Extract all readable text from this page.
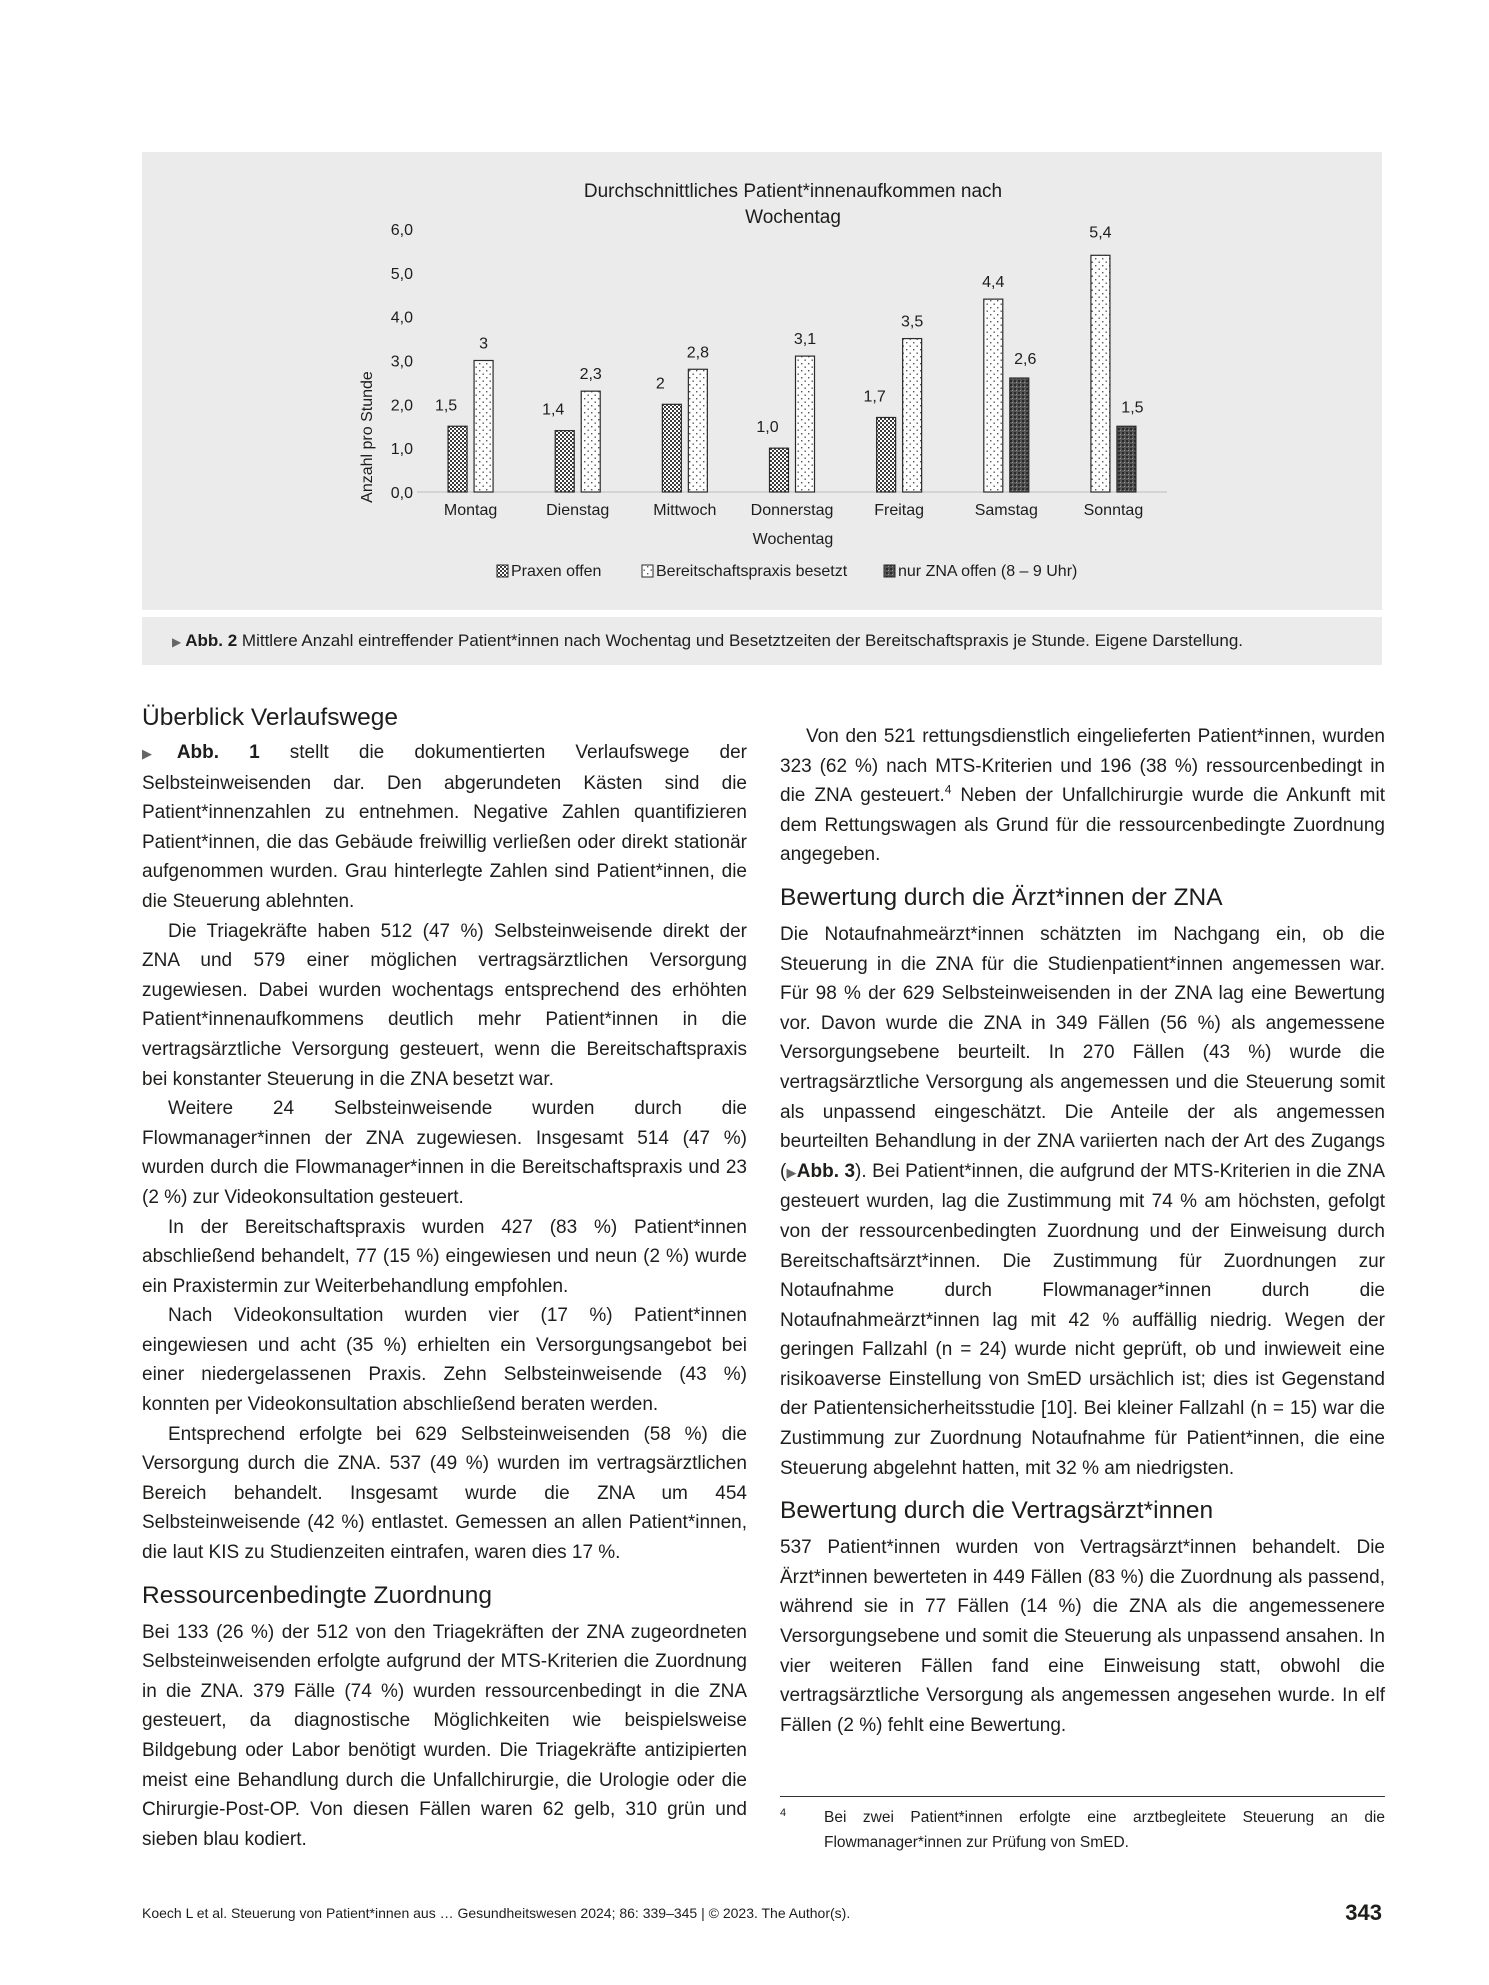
Durchschnittliches Patient*innenaufkommen nach
Wochentag
Anzahl pro Stunde
Wochentag
0,0
1,0
2,0
3,0
4,0
5,0
6,0
1,5
3
1,4
2,3
2
2,8
1,0
3,1
1,7
3,5
4,4
2,6
5,4
1,5
Montag	Dienstag	Mittwoch Donnerstag	Freitag	Samstag	Sonntag
Praxen offen	Bereitschaftspraxis besetzt	nur ZNA offen (8 – 9 Uhr)
▶ Abb. 2 Mittlere Anzahl eintreffender Patient*innen nach Wochentag und Besetztzeiten der Bereitschaftspraxis je Stunde. Eigene Darstellung.
Überblick Verlaufswege

▶Abb. 1 stellt die dokumentierten Verlaufswege der Selbsteinweisenden dar. Den abgerundeten Kästen sind die Patient*innenzahlen zu entnehmen. Negative Zahlen quantifizieren Patient*innen, die das Gebäude freiwillig verließen oder direkt stationär aufgenommen wurden. Grau hinterlegte Zahlen sind Patient*innen, die die Steuerung ablehnten.

Die Triagekräfte haben 512 (47 %) Selbsteinweisende direkt der ZNA und 579 einer möglichen vertragsärztlichen Versorgung zugewiesen. Dabei wurden wochentags entsprechend des erhöhten Patient*innenaufkommens deutlich mehr Patient*innen in die vertragsärztliche Versorgung gesteuert, wenn die Bereitschaftspraxis bei konstanter Steuerung in die ZNA besetzt war.

Weitere 24 Selbsteinweisende wurden durch die Flowmanager*innen der ZNA zugewiesen. Insgesamt 514 (47 %) wurden durch die Flowmanager*innen in die Bereitschaftspraxis und 23 (2 %) zur Videokonsultation gesteuert.

In der Bereitschaftspraxis wurden 427 (83 %) Patient*innen abschließend behandelt, 77 (15 %) eingewiesen und neun (2 %) wurde ein Praxistermin zur Weiterbehandlung empfohlen.

Nach Videokonsultation wurden vier (17 %) Patient*innen eingewiesen und acht (35 %) erhielten ein Versorgungsangebot bei einer niedergelassenen Praxis. Zehn Selbsteinweisende (43 %) konnten per Videokonsultation abschließend beraten werden.

Entsprechend erfolgte bei 629 Selbsteinweisenden (58 %) die Versorgung durch die ZNA. 537 (49 %) wurden im vertragsärztlichen Bereich behandelt. Insgesamt wurde die ZNA um 454 Selbsteinweisende (42 %) entlastet. Gemessen an allen Patient*innen, die laut KIS zu Studienzeiten eintrafen, waren dies 17 %.

Ressourcenbedingte Zuordnung

Bei 133 (26 %) der 512 von den Triagekräften der ZNA zugeordneten Selbsteinweisenden erfolgte aufgrund der MTS-Kriterien die Zuordnung in die ZNA. 379 Fälle (74 %) wurden ressourcenbedingt in die ZNA gesteuert, da diagnostische Möglichkeiten wie beispielsweise Bildgebung oder Labor benötigt wurden. Die Triagekräfte antizipierten meist eine Behandlung durch die Unfallchirurgie, die Urologie oder die Chirurgie-Post-OP. Von diesen Fällen waren 62 gelb, 310 grün und sieben blau kodiert.

Von den 521 rettungsdienstlich eingelieferten Patient*innen, wurden 323 (62 %) nach MTS-Kriterien und 196 (38 %) ressourcenbedingt in die ZNA gesteuert.$^4$ Neben der Unfallchirurgie wurde die Ankunft mit dem Rettungswagen als Grund für die ressourcenbedingte Zuordnung angegeben.

Bewertung durch die Ärzt*innen der ZNA

Die Notaufnahmeärzt*innen schätzten im Nachgang ein, ob die Steuerung in die ZNA für die Studienpatient*innen angemessen war. Für 98 % der 629 Selbsteinweisenden in der ZNA lag eine Bewertung vor. Davon wurde die ZNA in 349 Fällen (56 %) als angemessene Versorgungsebene beurteilt. In 270 Fällen (43 %) wurde die vertragsärztliche Versorgung als angemessen und die Steuerung somit als unpassend eingeschätzt. Die Anteile der als angemessen beurteilten Behandlung in der ZNA variierten nach der Art des Zugangs (▶Abb. 3). Bei Patient*innen, die aufgrund der MTS-Kriterien in die ZNA gesteuert wurden, lag die Zustimmung mit 74 % am höchsten, gefolgt von der ressourcenbedingten Zuordnung und der Einweisung durch Bereitschaftsärzt*innen. Die Zustimmung für Zuordnungen zur Notaufnahme durch Flowmanager*innen durch die Notaufnahmeärzt*innen lag mit 42 % auffällig niedrig. Wegen der geringen Fallzahl (n = 24) wurde nicht geprüft, ob und inwieweit eine risikoaverse Einstellung von SmED ursächlich ist; dies ist Gegenstand der Patientensicherheitsstudie [10]. Bei kleiner Fallzahl (n = 15) war die Zustimmung zur Zuordnung Notaufnahme für Patient*innen, die eine Steuerung abgelehnt hatten, mit 32 % am niedrigsten.

Bewertung durch die Vertragsärzt*innen

537 Patient*innen wurden von Vertragsärzt*innen behandelt. Die Ärzt*innen bewerteten in 449 Fällen (83 %) die Zuordnung als passend, während sie in 77 Fällen (14 %) die ZNA als die angemessenere Versorgungsebene und somit die Steuerung als unpassend ansahen. In vier weiteren Fällen fand eine Einweisung statt, obwohl die vertragsärztliche Versorgung als angemessen angesehen wurde. In elf Fällen (2 %) fehlt eine Bewertung.

4 Bei zwei Patient*innen erfolgte eine arztbegleitete Steuerung an die Flowmanager*innen zur Prüfung von SmED.
Koech L et al. Steuerung von Patient*innen aus … Gesundheitswesen 2024; 86: 339–345 | © 2023. The Author(s).	343
